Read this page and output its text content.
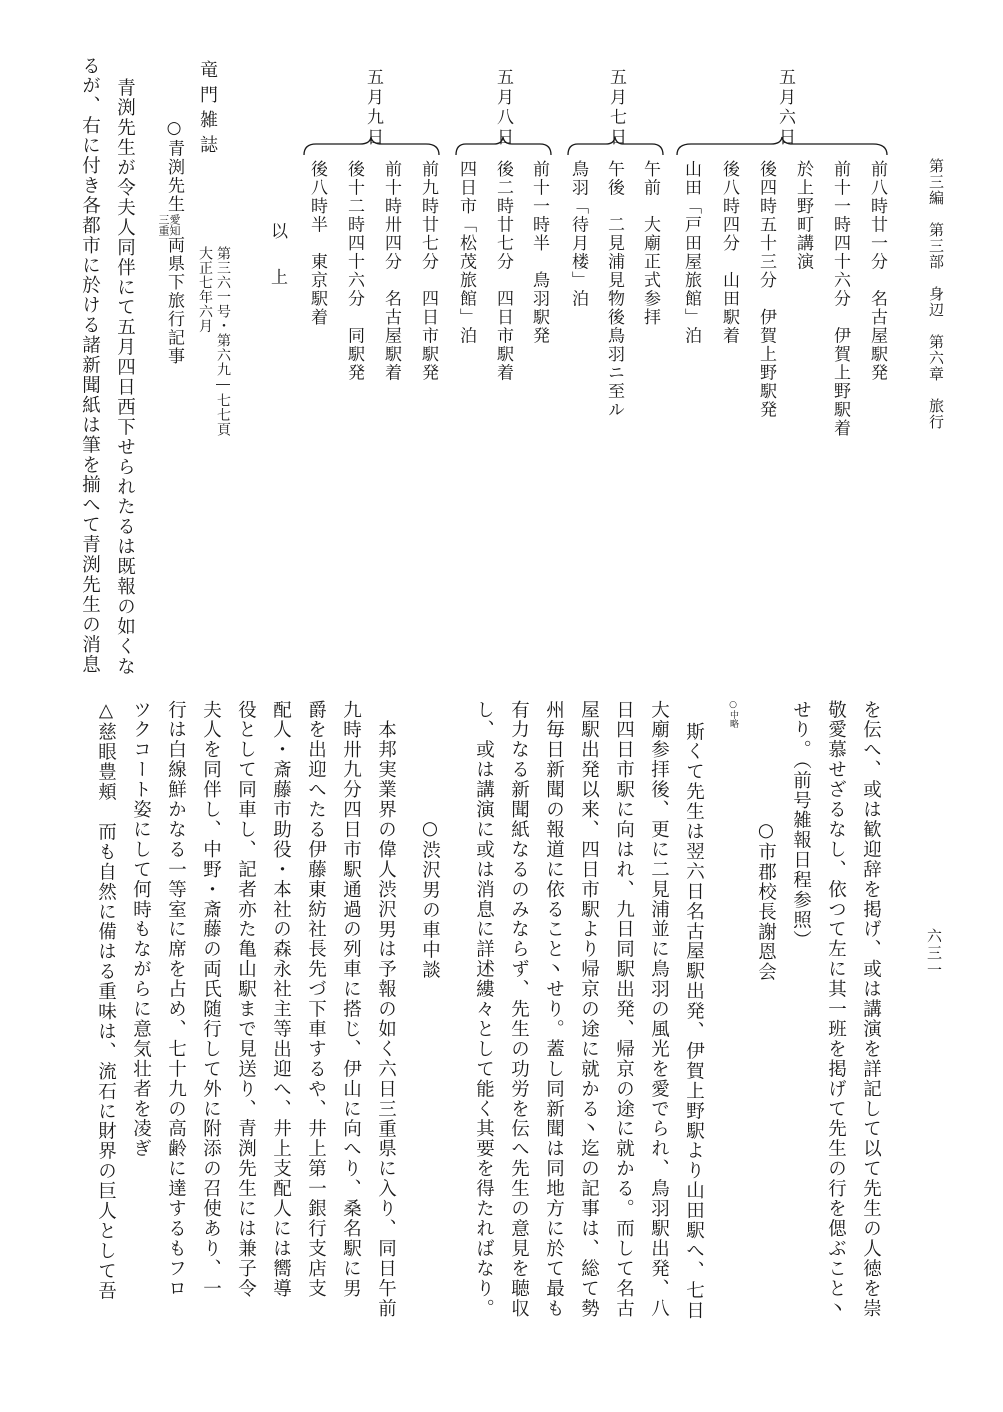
第三編　第三部　身辺　第六章　旅行
六三一
五月六日
前八時廿一分　名古屋駅発
前十一時四十六分　伊賀上野駅着
於上野町講演
後四時五十三分　伊賀上野駅発
後八時四分　山田駅着
山田「戸田屋旅館」泊
五月七日
午前　大廟正式参拝
午後　二見浦見物後鳥羽ニ至ル
鳥羽「待月楼」泊
五月八日
前十一時半　鳥羽駅発
後二時廿七分　四日市駅着
四日市「松茂旅館」泊
五月九日
前九時廿七分　四日市駅発
前十時卅四分　名古屋駅着
後十二時四十六分　同駅発
後八時半　東京駅着
以　上
竜門雑誌
第三六一号・第六九―七七頁
大正七年六月
○青渕先生
愛知
三重
両県下旅行記事
青渕先生が令夫人同伴にて五月四日西下せられたるは既報の如くな
るが、右に付き各都市に於ける諸新聞紙は筆を揃へて青渕先生の消息
を伝へ、或は歓迎辞を掲げ、或は講演を詳記して以て先生の人徳を崇
敬愛慕せざるなし、依つて左に其一班を掲げて先生の行を偲ぶこと丶
せり。（前号雑報日程参照）
○市郡校長謝恩会
○中略
斯くて先生は翌六日名古屋駅出発、伊賀上野駅より山田駅へ、七日
大廟参拝後、更に二見浦並に鳥羽の風光を愛でられ、鳥羽駅出発、八
日四日市駅に向はれ、九日同駅出発、帰京の途に就かる。而して名古
屋駅出発以来、四日市駅より帰京の途に就かる丶迄の記事は、総て勢
州毎日新聞の報道に依ること丶せり。蓋し同新聞は同地方に於て最も
有力なる新聞紙なるのみならず、先生の功労を伝へ先生の意見を聴収
し、或は講演に或は消息に詳述縷々として能く其要を得たればなり。
○渋沢男の車中談
本邦実業界の偉人渋沢男は予報の如く六日三重県に入り、同日午前
九時卅九分四日市駅通過の列車に搭じ、伊山に向へり、桑名駅に男
爵を出迎へたる伊藤東紡社長先づ下車するや、井上第一銀行支店支
配人・斎藤市助役・本社の森永社主等出迎へ、井上支配人には嚮導
役として同車し、記者亦た亀山駅まで見送り、青渕先生には兼子令
夫人を同伴し、中野・斎藤の両氏随行して外に附添の召使あり、一
行は白線鮮かなる一等室に席を占め、七十九の高齢に達するもフロ
ツクコート姿にして何時もながらに意気壮者を凌ぎ
△慈眼豊頬　而も自然に備はる重味は、流石に財界の巨人として吾
